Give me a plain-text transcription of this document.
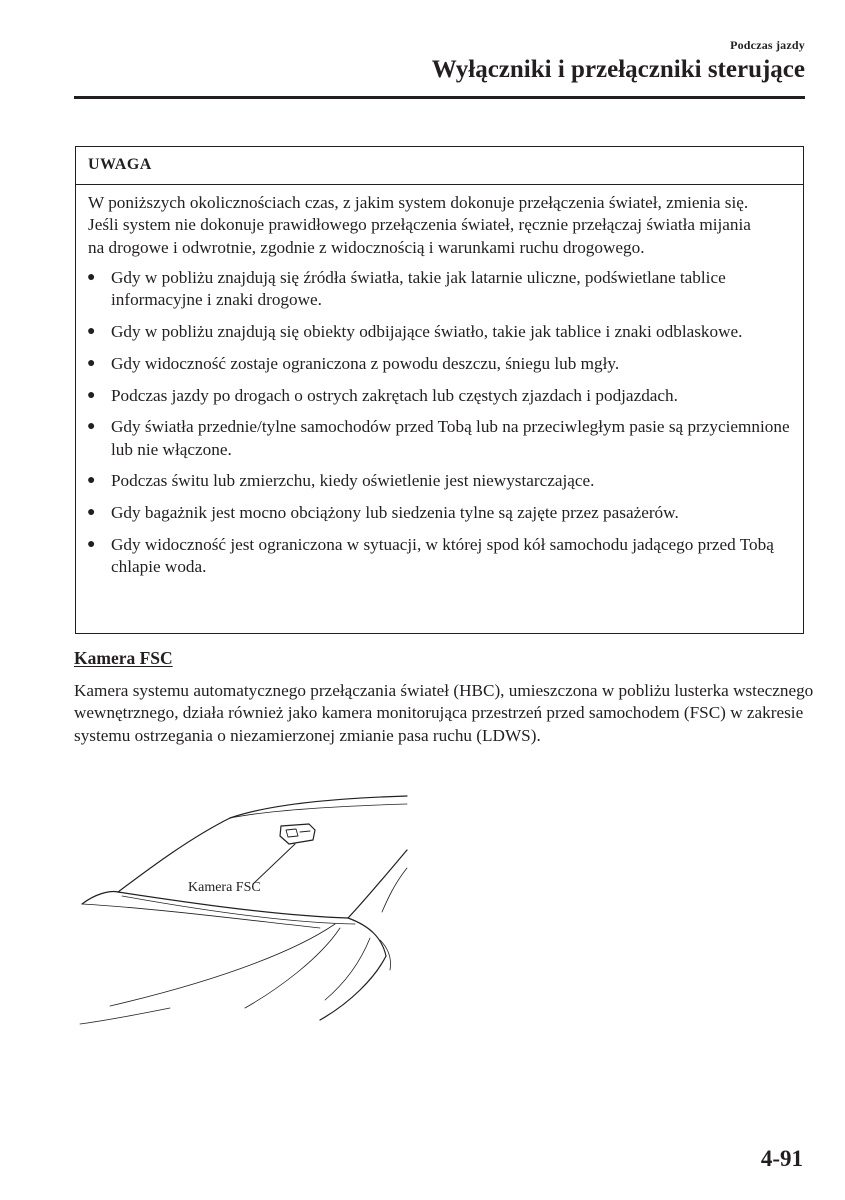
Podczas jazdy
Wyłączniki i przełączniki sterujące
UWAGA

W poniższych okolicznościach czas, z jakim system dokonuje przełączenia świateł, zmienia się. Jeśli system nie dokonuje prawidłowego przełączenia świateł, ręcznie przełączaj światła mijania na drogowe i odwrotnie, zgodnie z widocznością i warunkami ruchu drogowego.

● Gdy w pobliżu znajdują się źródła światła, takie jak latarnie uliczne, podświetlane tablice informacyjne i znaki drogowe.
● Gdy w pobliżu znajdują się obiekty odbijające światło, takie jak tablice i znaki odblaskowe.
● Gdy widoczność zostaje ograniczona z powodu deszczu, śniegu lub mgły.
● Podczas jazdy po drogach o ostrych zakrętach lub częstych zjazdach i podjazdach.
● Gdy światła przednie/tylne samochodów przed Tobą lub na przeciwległym pasie są przyciemnione lub nie włączone.
● Podczas świtu lub zmierzchu, kiedy oświetlenie jest niewystarczające.
● Gdy bagażnik jest mocno obciążony lub siedzenia tylne są zajęte przez pasażerów.
● Gdy widoczność jest ograniczona w sytuacji, w której spod kół samochodu jadącego przed Tobą chlapie woda.
Kamera FSC

Kamera systemu automatycznego przełączania świateł (HBC), umieszczona w pobliżu lusterka wstecznego wewnętrznego, działa również jako kamera monitorująca przestrzeń przed samochodem (FSC) w zakresie systemu ostrzegania o niezamierzonej zmianie pasa ruchu (LDWS).

Kamera FSC
4-91
